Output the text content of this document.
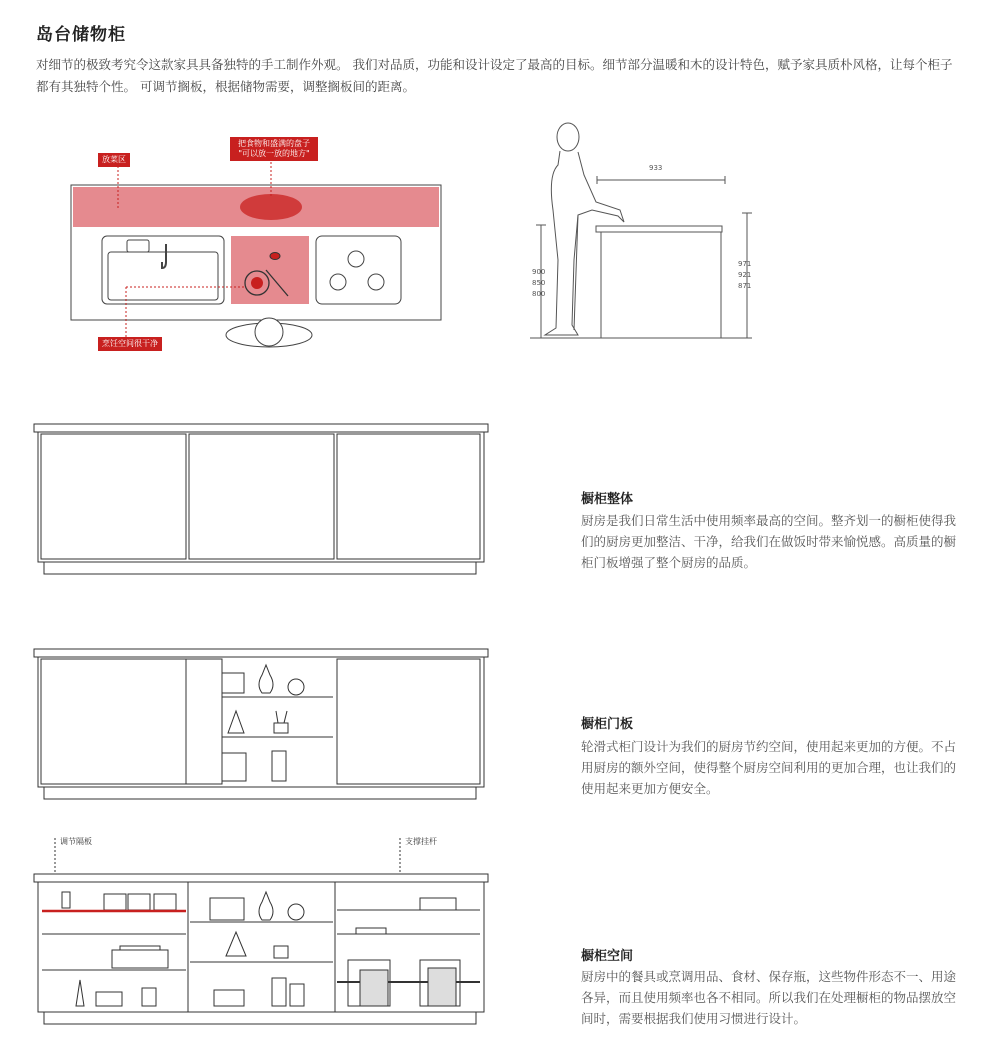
岛台储物柜
对细节的极致考究令这款家具具备独特的手工制作外观。 我们对品质，功能和设计设定了最高的目标。细节部分温暖和木的设计特色，赋予家具质朴风格，让每个柜子都有其独特个性。 可调节搁板，根据储物需要，调整搁板间的距离。
933
900
850
800
971
921
871
放菜区
把食物和盛满的盘子
"可以放一放的地方"
烹饪空间很干净
橱柜整体
厨房是我们日常生活中使用频率最高的空间。整齐划一的橱柜使得我们的厨房更加整洁、干净，给我们在做饭时带来愉悦感。高质量的橱柜门板增强了整个厨房的品质。
橱柜门板
轮滑式柜门设计为我们的厨房节约空间，使用起来更加的方便。不占用厨房的额外空间，使得整个厨房空间利用的更加合理，也让我们的使用起来更加方便安全。
调节隔板	支撑挂杆
橱柜空间
厨房中的餐具或烹调用品、食材、保存瓶，这些物件形态不一、用途各异，而且使用频率也各不相同。所以我们在处理橱柜的物品摆放空间时，需要根据我们使用习惯进行设计。
